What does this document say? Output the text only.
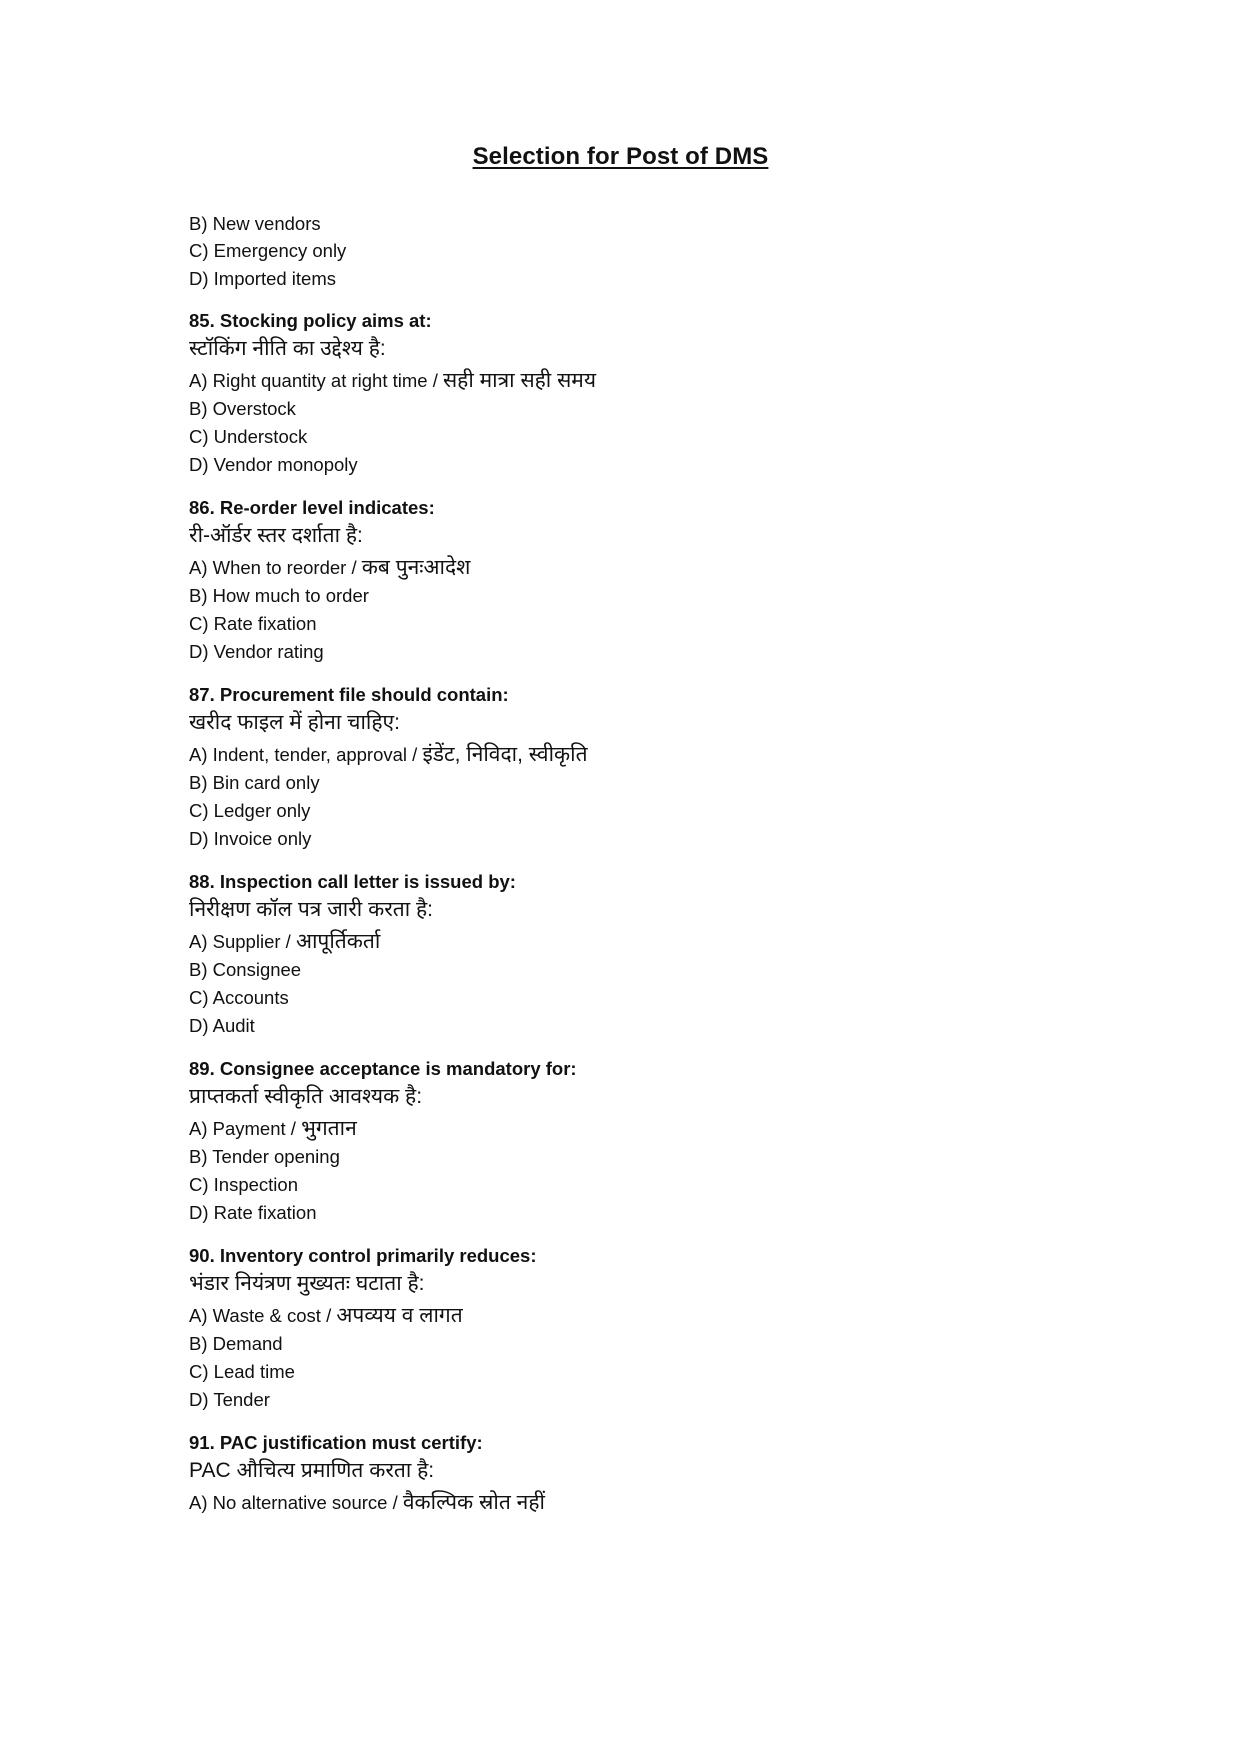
Selection for Post of DMS
B) New vendors
C) Emergency only
D) Imported items
85. Stocking policy aims at:
स्टॉकिंग नीति का उद्देश्य है:
A) Right quantity at right time / सही मात्रा सही समय
B) Overstock
C) Understock
D) Vendor monopoly
86. Re-order level indicates:
री-ऑर्डर स्तर दर्शाता है:
A) When to reorder / कब पुनःआदेश
B) How much to order
C) Rate fixation
D) Vendor rating
87. Procurement file should contain:
खरीद फाइल में होना चाहिए:
A) Indent, tender, approval / इंडेंट, निविदा, स्वीकृति
B) Bin card only
C) Ledger only
D) Invoice only
88. Inspection call letter is issued by:
निरीक्षण कॉल पत्र जारी करता है:
A) Supplier / आपूर्तिकर्ता
B) Consignee
C) Accounts
D) Audit
89. Consignee acceptance is mandatory for:
प्राप्तकर्ता स्वीकृति आवश्यक है:
A) Payment / भुगतान
B) Tender opening
C) Inspection
D) Rate fixation
90. Inventory control primarily reduces:
भंडार नियंत्रण मुख्यतः घटाता है:
A) Waste & cost / अपव्यय व लागत
B) Demand
C) Lead time
D) Tender
91. PAC justification must certify:
PAC औचित्य प्रमाणित करता है:
A) No alternative source / वैकल्पिक स्रोत नहीं
